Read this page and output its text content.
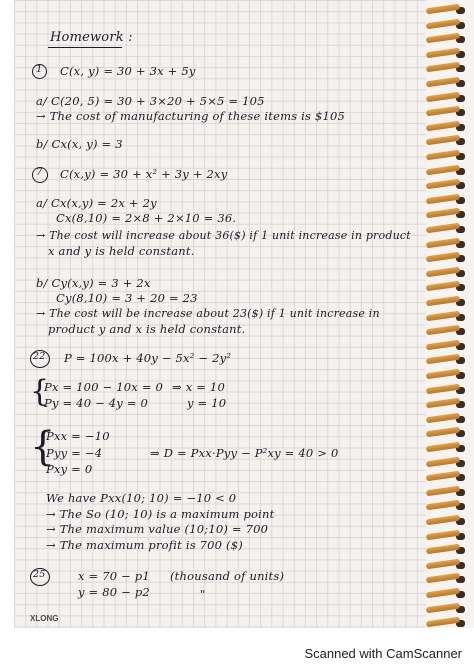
Homework :
1 C(x, y) = 30 + 3x + 5y
a/ C(20, 5) = 30 + 3×20 + 5×5 = 105
→ The cost of manufacturing of these items is $105
b/ Cx(x, y) = 3
7 C(x,y) = 30 + x² + 3y + 2xy
a/ Cx(x,y) = 2x + 2y
Cx(8,10) = 2×8 + 2×10 = 36.
→ The cost will increase about 36($) if 1 unit increase in product
x and y is held constant.
b/ Cy(x,y) = 3 + 2x
Cy(8,10) = 3 + 20 = 23
→ The cost will be increase about 23($) if 1 unit increase in
product y and x is held constant.
22 P = 100x + 40y − 5x² − 2y²
{
Px = 100 − 10x = 0
Py = 40 − 4y = 0
⇒ x = 10
y = 10
{
Pxx = −10
Pyy = −4
Pxy = 0
⇒ D = Pxx·Pyy − P²xy = 40 > 0
We have Pxx(10; 10) = −10 < 0
→ The So (10; 10) is a maximum point
→ The maximum value (10;10) = 700
→ The maximum profit is 700 ($)
25	x = 70 − p1 (thousand of units)
y = 80 − p2	"
XLONG
Scanned with CamScanner
